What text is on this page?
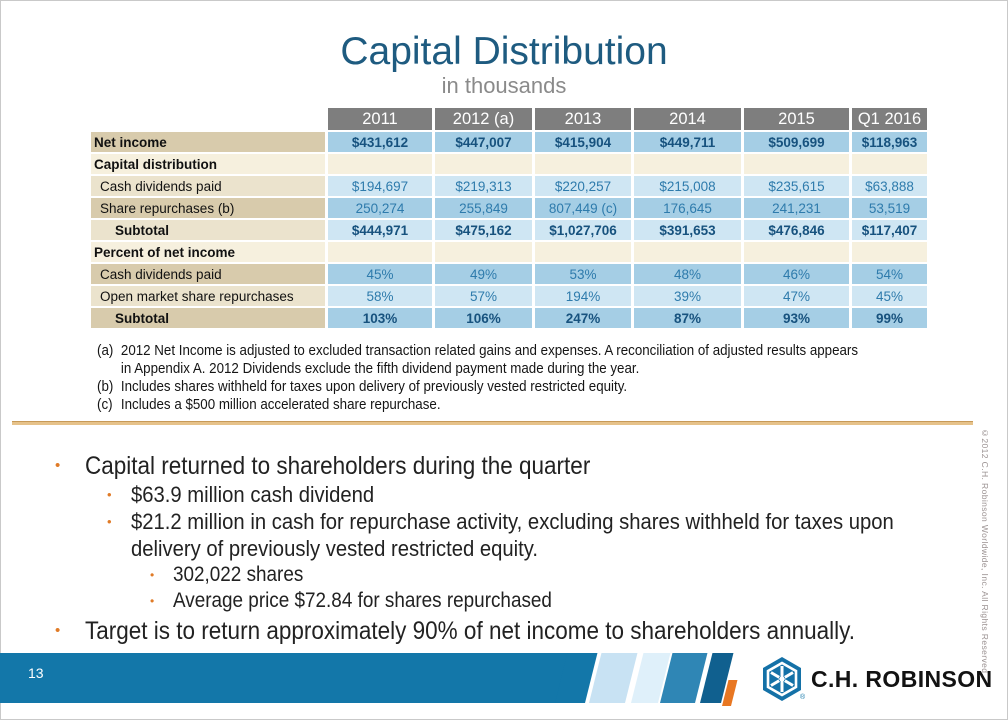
Capital Distribution
in thousands
	2011	2012 (a)	2013	2014	2015	Q1 2016
Net income	$431,612	$447,007	$415,904	$449,711	$509,699	$118,963
Capital distribution						
Cash dividends paid	$194,697	$219,313	$220,257	$215,008	$235,615	$63,888
Share repurchases (b)	250,274	255,849	807,449 (c)	176,645	241,231	53,519
Subtotal	$444,971	$475,162	$1,027,706	$391,653	$476,846	$117,407
Percent of net income						
Cash dividends paid	45%	49%	53%	48%	46%	54%
Open market share repurchases	58%	57%	194%	39%	47%	45%
Subtotal	103%	106%	247%	87%	93%	99%
(a) 2012 Net Income is adjusted to excluded transaction related gains and expenses. A reconciliation of adjusted results appears in Appendix A. 2012 Dividends exclude the fifth dividend payment made during the year.
(b) Includes shares withheld for taxes upon delivery of previously vested restricted equity.
(c) Includes a $500 million accelerated share repurchase.
•
Capital returned to shareholders during the quarter
•
$63.9 million cash dividend
•
$21.2 million in cash for repurchase activity, excluding shares withheld for taxes upon delivery of previously vested restricted equity.
•
302,022 shares
•
Average price $72.84 for shares repurchased
•
Target is to return approximately 90% of net income to shareholders annually.	©2012 C.H. Robinson Worldwide, Inc. All Rights Reserved.
13
®
C.H. ROBINSON
